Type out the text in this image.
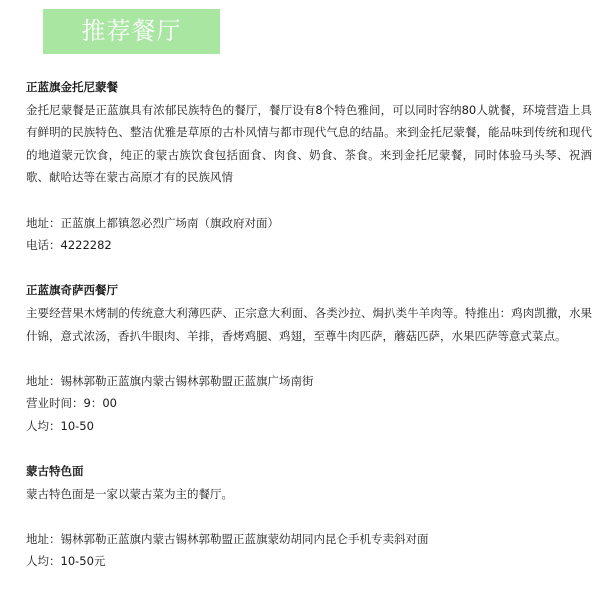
推荐餐厅

正蓝旗金托尼蒙餐

金托尼蒙餐是正蓝旗具有浓郁民族特色的餐厅，餐厅设有8个特色雅间，可以同时容纳80人就餐，环境营造上具有鲜明的民族特色、整洁优雅是草原的古朴风情与都市现代气息的结晶。来到金托尼蒙餐，能品味到传统和现代的地道蒙元饮食，纯正的蒙古族饮食包括面食、肉食、奶食、茶食。来到金托尼蒙餐，同时体验马头琴、祝酒歌、献哈达等在蒙古高原才有的民族风情

地址：正蓝旗上都镇忽必烈广场南（旗政府对面）

电话：4222282

正蓝旗奇萨西餐厅

主要经营果木烤制的传统意大利薄匹萨、正宗意大利面、各类沙拉、焗扒类牛羊肉等。特推出：鸡肉凯撒，水果什锦，意式浓汤，香扒牛眼肉、羊排，香烤鸡腿、鸡翅，至尊牛肉匹萨，蘑菇匹萨，水果匹萨等意式菜点。

地址：锡林郭勒正蓝旗内蒙古锡林郭勒盟正蓝旗广场南街

营业时间：9：00

人均：10-50

蒙古特色面

蒙古特色面是一家以蒙古菜为主的餐厅。

地址：锡林郭勒正蓝旗内蒙古锡林郭勒盟正蓝旗蒙幼胡同内昆仑手机专卖斜对面

人均：10-50元
